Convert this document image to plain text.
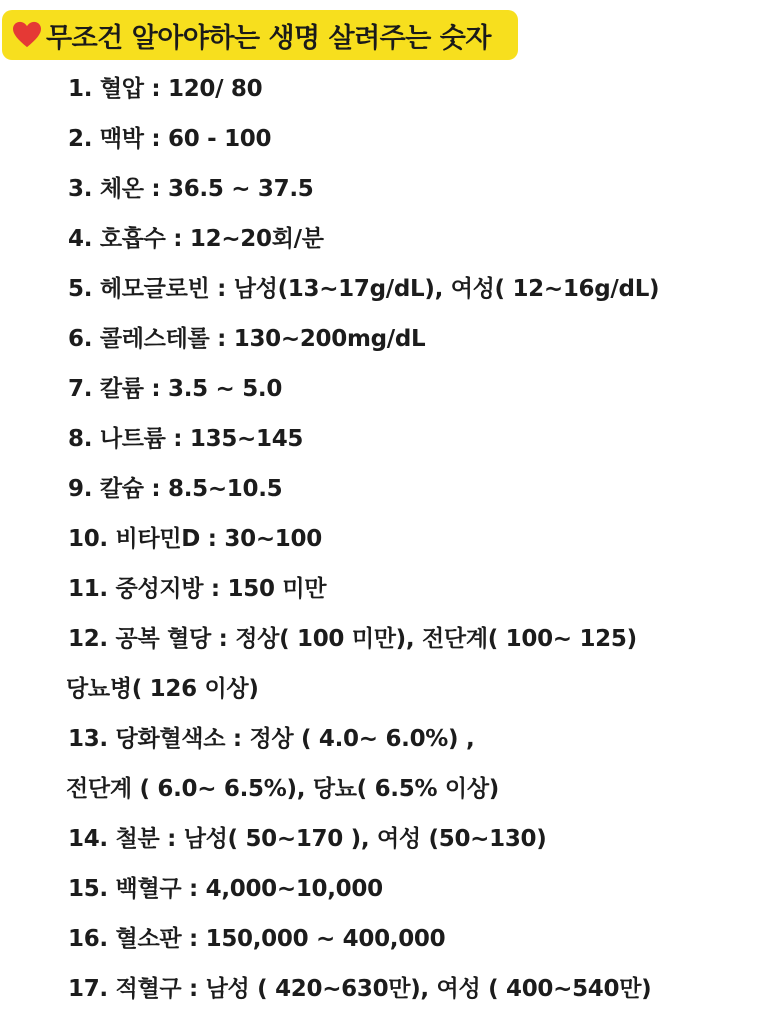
무조건 알아야하는 생명 살려주는 숫자
1. 혈압 : 120/ 80
2. 맥박 : 60 - 100
3. 체온 : 36.5 ~ 37.5
4. 호흡수 : 12~20회/분
5. 헤모글로빈 : 남성(13~17g/dL), 여성( 12~16g/dL)
6. 콜레스테롤 : 130~200mg/dL
7. 칼륨 : 3.5 ~ 5.0
8. 나트륨 : 135~145
9. 칼슘 : 8.5~10.5
10. 비타민D : 30~100
11. 중성지방 : 150 미만
12. 공복 혈당 : 정상( 100 미만), 전단계( 100~ 125)
당뇨병( 126 이상)
13. 당화혈색소 : 정상 ( 4.0~ 6.0%) ,
전단계 ( 6.0~ 6.5%), 당뇨( 6.5% 이상)
14. 철분 : 남성( 50~170 ), 여성 (50~130)
15. 백혈구 : 4,000~10,000
16. 혈소판 : 150,000 ~ 400,000
17. 적혈구 : 남성 ( 420~630만), 여성 ( 400~540만)
